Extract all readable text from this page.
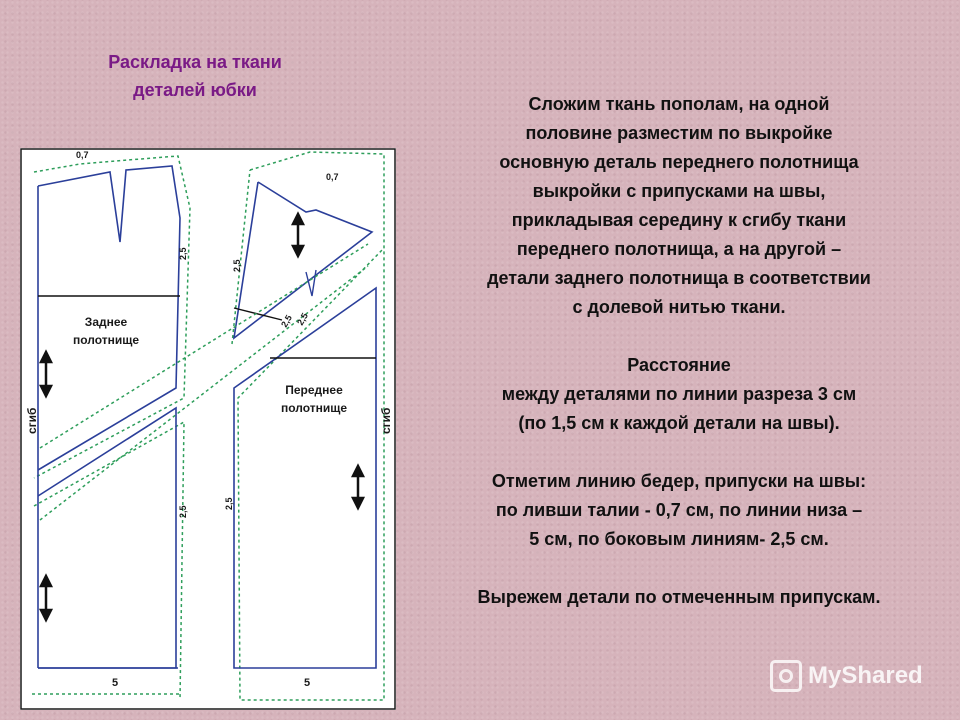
Раскладка на ткани
деталей юбки
0,7
0,7
2,5
2,5
2,5
2,5
2,5 2,5
5	5
сгиб	сгиб
Заднее
полотнище
Переднее
полотнище
Сложим ткань пополам, на одной
половине разместим по выкройке
основную деталь переднего полотнища
выкройки с припусками на швы,
прикладывая середину к сгибу ткани
переднего полотнища, а на другой –
детали заднего полотнища в соответствии
с долевой нитью ткани.
Расстояние
между деталями по линии разреза 3 см
(по 1,5 см к каждой детали на швы).
Отметим линию бедер, припуски на швы:
по ливши талии - 0,7 см, по линии низа –
5 см, по боковым линиям- 2,5 см.
Вырежем детали по отмеченным припускам.
MyShared
